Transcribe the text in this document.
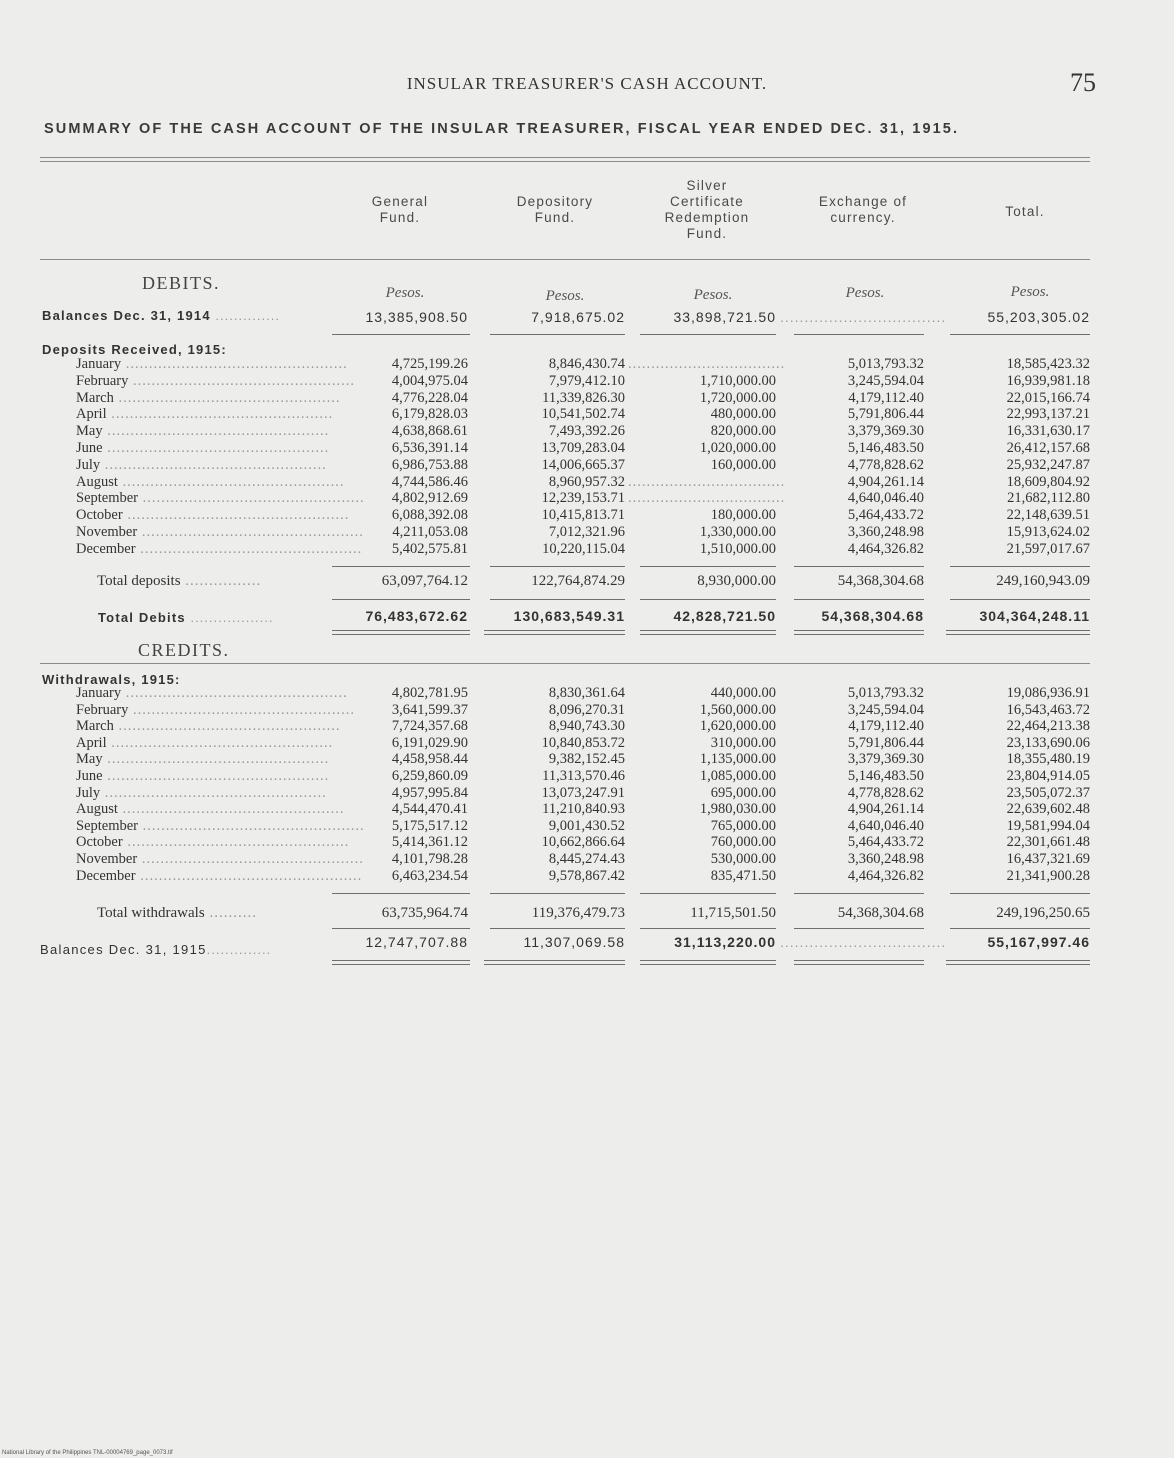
INSULAR TREASURER'S CASH ACCOUNT.	75
SUMMARY OF THE CASH ACCOUNT OF THE INSULAR TREASURER, FISCAL YEAR ENDED DEC. 31, 1915.
General
Fund.
Depository
Fund.
Silver
Certificate
Redemption
Fund.
Exchange of
currency.	Total.
DEBITS.	Pesos.	Pesos.	Pesos.	Pesos.	Pesos.
Balances Dec. 31, 1914 ..............	13,385,908.50	7,918,675.02	33,898,721.50 ..................................	55,203,305.02
Deposits Received, 1915:
January ................................................	4,725,199.26	8,846,430.74 ..................................	5,013,793.32	18,585,423.32
February ................................................	4,004,975.04	7,979,412.10	1,710,000.00	3,245,594.04	16,939,981.18
March ................................................	4,776,228.04	11,339,826.30	1,720,000.00	4,179,112.40	22,015,166.74
April ................................................	6,179,828.03	10,541,502.74	480,000.00	5,791,806.44	22,993,137.21
May ................................................	4,638,868.61	7,493,392.26	820,000.00	3,379,369.30	16,331,630.17
June ................................................	6,536,391.14	13,709,283.04	1,020,000.00	5,146,483.50	26,412,157.68
July ................................................	6,986,753.88	14,006,665.37	160,000.00	4,778,828.62	25,932,247.87
August ................................................	4,744,586.46	8,960,957.32 ..................................	4,904,261.14	18,609,804.92
September ................................................	4,802,912.69	12,239,153.71 ..................................	4,640,046.40	21,682,112.80
October ................................................	6,088,392.08	10,415,813.71	180,000.00	5,464,433.72	22,148,639.51
November ................................................	4,211,053.08	7,012,321.96	1,330,000.00	3,360,248.98	15,913,624.02
December ................................................	5,402,575.81	10,220,115.04	1,510,000.00	4,464,326.82	21,597,017.67
Total deposits ................	63,097,764.12	122,764,874.29	8,930,000.00	54,368,304.68	249,160,943.09
Total Debits ..................	76,483,672.62	130,683,549.31	42,828,721.50	54,368,304.68	304,364,248.11
CREDITS.
Withdrawals, 1915:
January ................................................	4,802,781.95	8,830,361.64	440,000.00	5,013,793.32	19,086,936.91
February ................................................	3,641,599.37	8,096,270.31	1,560,000.00	3,245,594.04	16,543,463.72
March ................................................	7,724,357.68	8,940,743.30	1,620,000.00	4,179,112.40	22,464,213.38
April ................................................	6,191,029.90	10,840,853.72	310,000.00	5,791,806.44	23,133,690.06
May ................................................	4,458,958.44	9,382,152.45	1,135,000.00	3,379,369.30	18,355,480.19
June ................................................	6,259,860.09	11,313,570.46	1,085,000.00	5,146,483.50	23,804,914.05
July ................................................	4,957,995.84	13,073,247.91	695,000.00	4,778,828.62	23,505,072.37
August ................................................	4,544,470.41	11,210,840.93	1,980,030.00	4,904,261.14	22,639,602.48
September ................................................	5,175,517.12	9,001,430.52	765,000.00	4,640,046.40	19,581,994.04
October ................................................	5,414,361.12	10,662,866.64	760,000.00	5,464,433.72	22,301,661.48
November ................................................	4,101,798.28	8,445,274.43	530,000.00	3,360,248.98	16,437,321.69
December ................................................	6,463,234.54	9,578,867.42	835,471.50	4,464,326.82	21,341,900.28
Total withdrawals ..........	63,735,964.74	119,376,479.73	11,715,501.50	54,368,304.68	249,196,250.65
Balances Dec. 31, 1915..............	12,747,707.88	11,307,069.58	31,113,220.00 ..................................	55,167,997.46
National Library of the Philippines TNL-00004769_page_0073.tif
